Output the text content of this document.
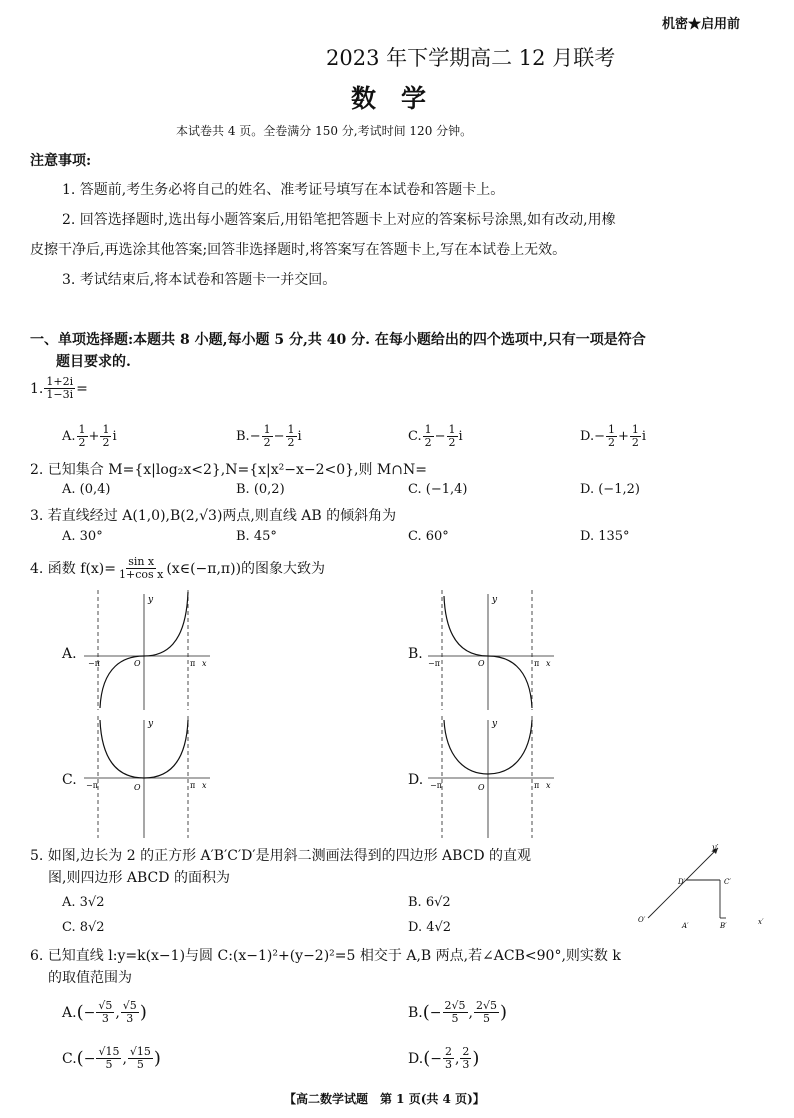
机密★启用前
2023 年下学期高二 12 月联考
数　学
本试卷共 4 页。全卷满分 150 分,考试时间 120 分钟。
注意事项:
1. 答题前,考生务必将自己的姓名、准考证号填写在本试卷和答题卡上。
2. 回答选择题时,选出每小题答案后,用铅笔把答题卡上对应的答案标号涂黑,如有改动,用橡
皮擦干净后,再选涂其他答案;回答非选择题时,将答案写在答题卡上,写在本试卷上无效。
3. 考试结束后,将本试卷和答题卡一并交回。
一、单项选择题:本题共 8 小题,每小题 5 分,共 40 分. 在每小题给出的四个选项中,只有一项是符合
题目要求的.
1. $\frac{1+2i}{1-3i}$ =
A. $\frac{1}{2} + \frac{1}{2}$ i	B. − $\frac{1}{2} - \frac{1}{2}$ i	C. $\frac{1}{2} - \frac{1}{2}$ i	D. − $\frac{1}{2} + \frac{1}{2}$ i
2. 已知集合 M={x|log₂x<2},N={x|x²−x−2<0},则 M∩N=
A. (0,4)	B. (0,2)	C. (−1,4)	D. (−1,2)
3. 若直线经过 A(1,0),B(2,√3)两点,则直线 AB 的倾斜角为
A. 30°	B. 45°	C. 60°	D. 135°
4. 函数 $f(x)= \frac{\text{sin x}}{\text{1+cos x}}$ (x∈(−π,π))的图象大致为
A.	B.
C.	D.
y
−π	O	π x
y
−π	O	π x
y
−π	O	π x
y
−π	O	π x
5. 如图,边长为 2 的正方形 A′B′C′D′是用斜二测画法得到的四边形 ABCD 的直观
图,则四边形 ABCD 的面积为
A. 3√2	B. 6√2
C. 8√2	D. 4√2
y′
D′	C′
O′
A′	B′	x′
6. 已知直线 l:y=k(x−1)与圆 C:(x−1)²+(y−2)²=5 相交于 A,B 两点,若∠ACB<90°,则实数 k
的取值范围为
A. ( − $\frac{√5}{3}$ , $\frac{√5}{3}$ )	B. ( − $\frac{2√5}{5}$ , $\frac{2√5}{5}$ )
C. ( − $\frac{√15}{5}$ , $\frac{√15}{5}$ )	D. ( − $\frac{2}{3}$ , $\frac{2}{3}$ )
【高二数学试题　第 1 页(共 4 页)】
